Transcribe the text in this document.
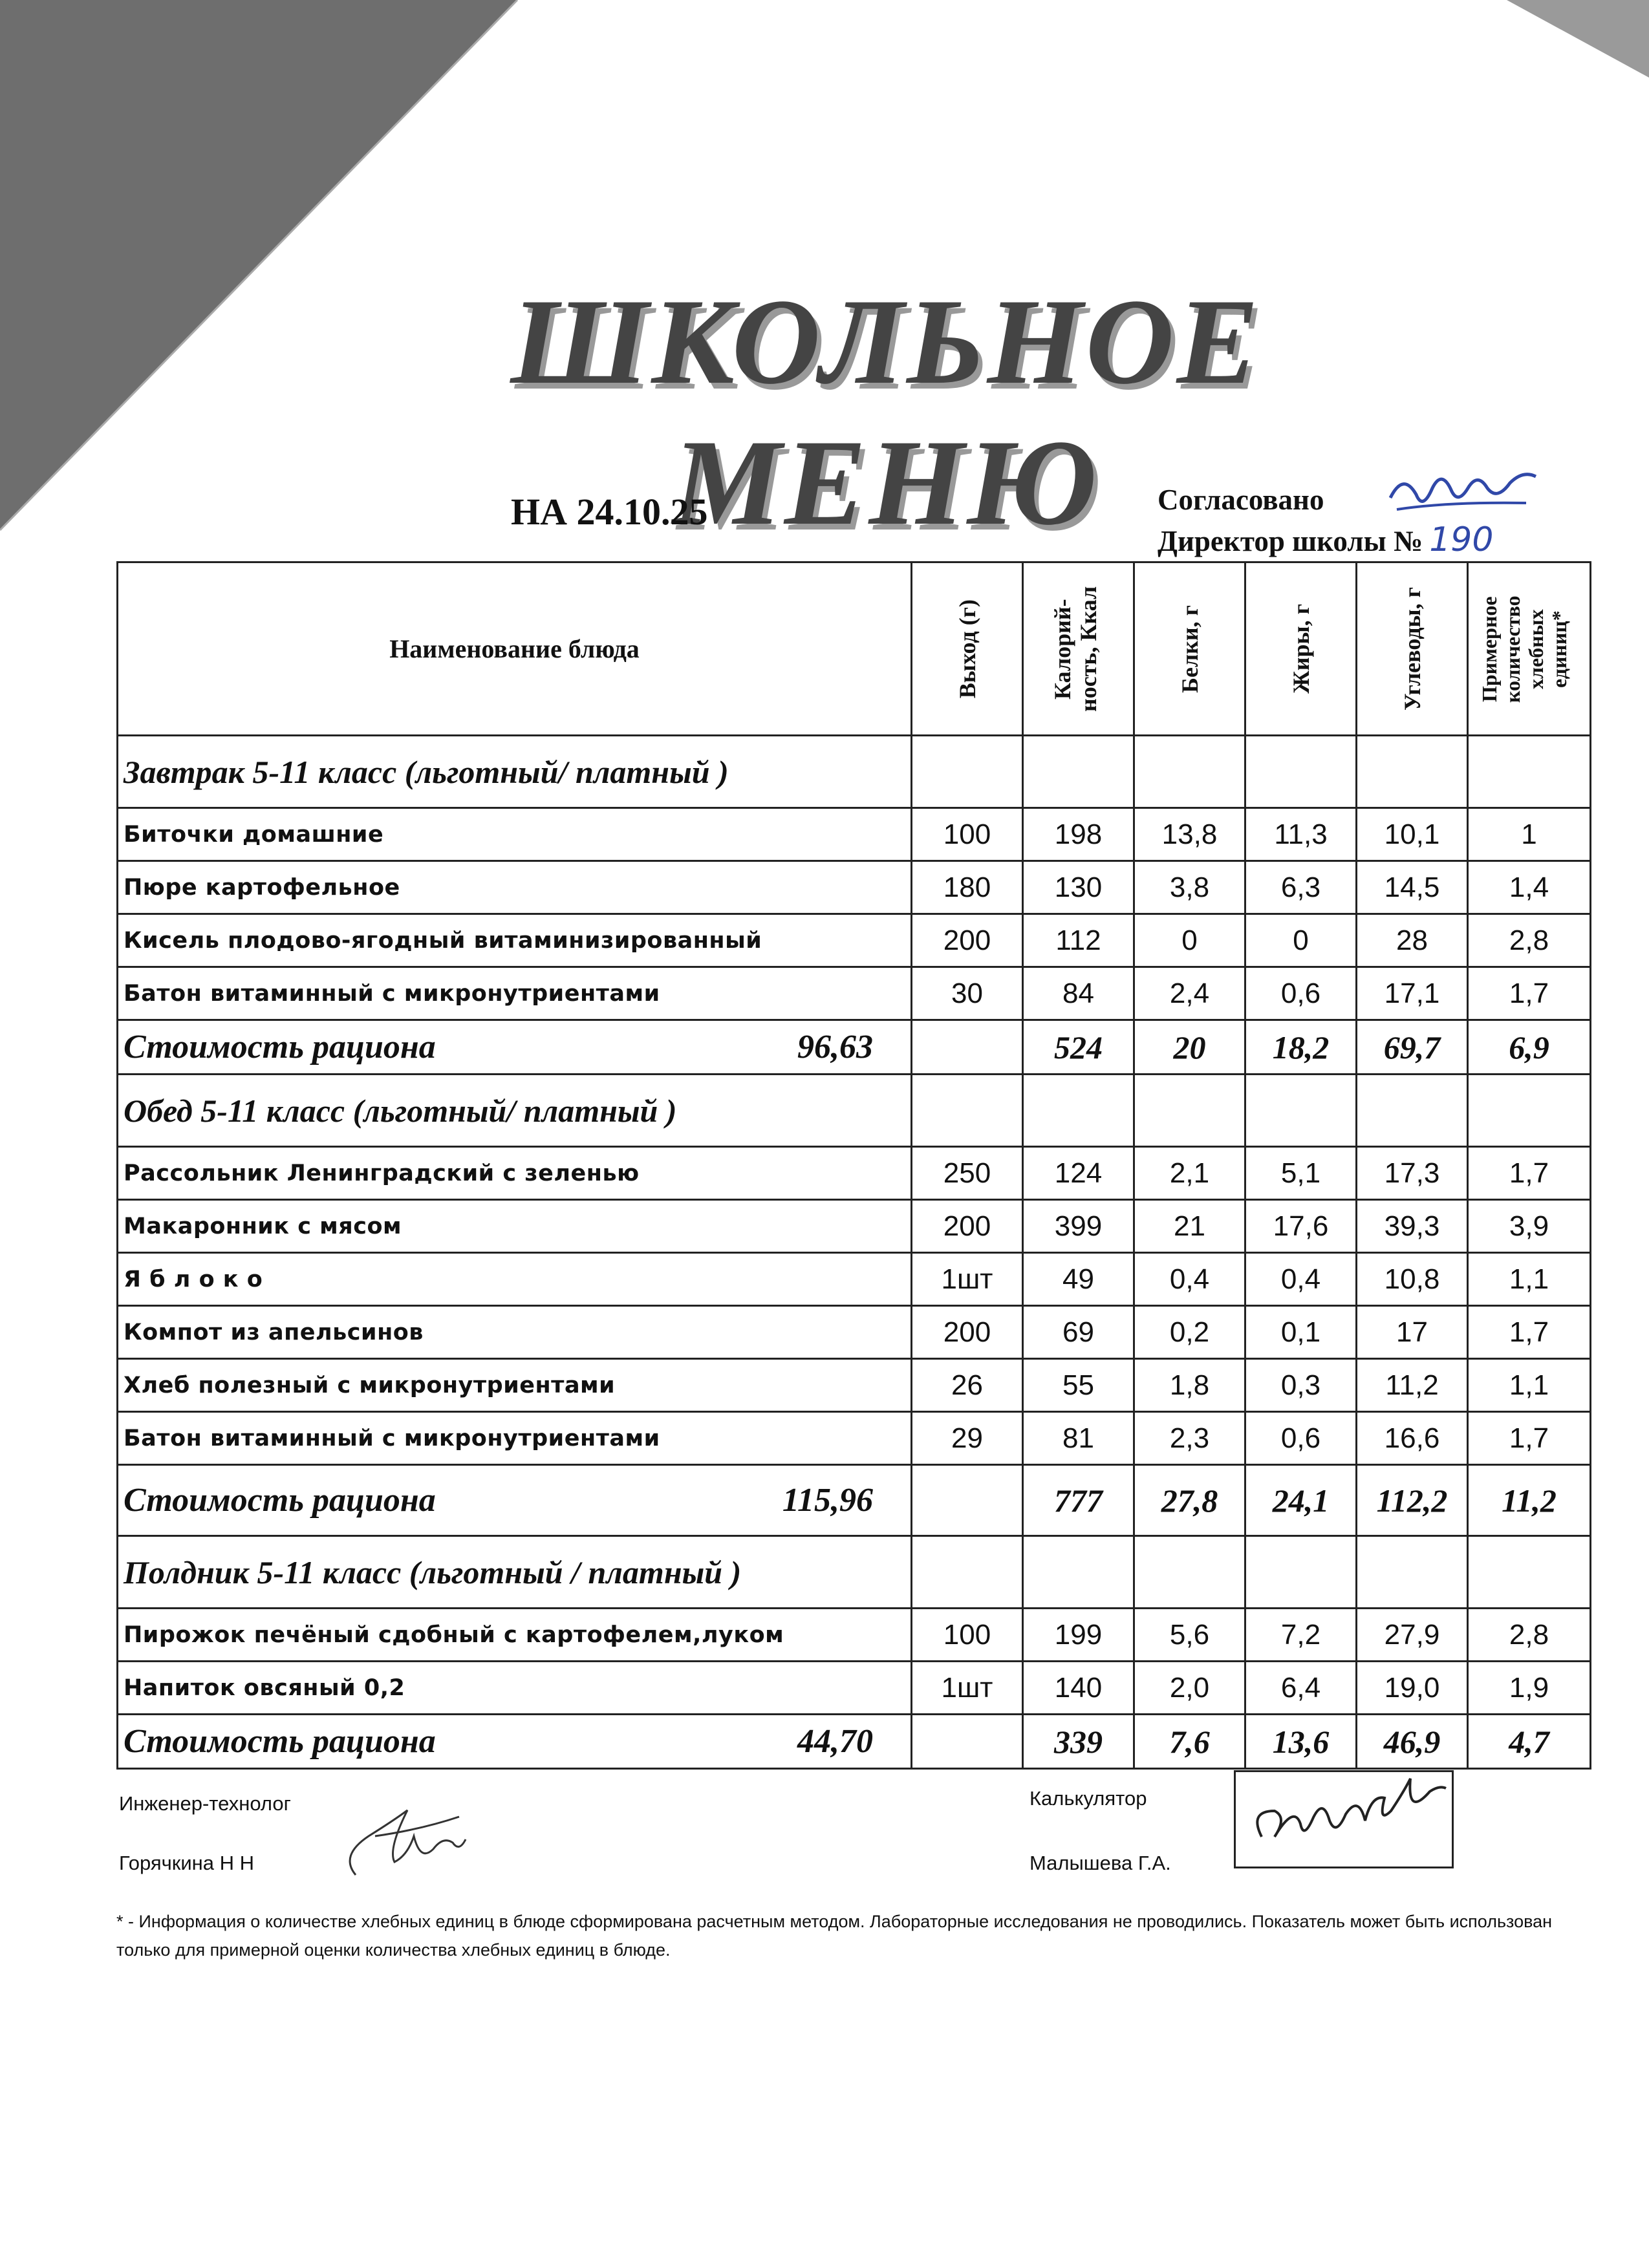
ШКОЛЬНОЕ МЕНЮ
НА 24.10.25	Согласовано
Директор школы № 190
Наименование блюда	Выход (г)	Калорий-ность, Ккал	Белки, г	Жиры, г	Углеводы, г	Примерное количество хлебных единиц*

Завтрак 5-11 класс (льготный/ платный )						
Биточки домашние	100	198	13,8	11,3	10,1	1
Пюре картофельное	180	130	3,8	6,3	14,5	1,4
Кисель плодово-ягодный витаминизированный	200	112	0	0	28	2,8
Батон витаминный с микронутриентами	30	84	2,4	0,6	17,1	1,7
Стоимость рациона 96,63		524	20	18,2	69,7	6,9
Обед 5-11 класс (льготный/ платный )						
Рассольник Ленинградский с зеленью	250	124	2,1	5,1	17,3	1,7
Макаронник с мясом	200	399	21	17,6	39,3	3,9
Я б л о к о	1шт	49	0,4	0,4	10,8	1,1
Компот из апельсинов	200	69	0,2	0,1	17	1,7
Хлеб полезный с микронутриентами	26	55	1,8	0,3	11,2	1,1
Батон витаминный с микронутриентами	29	81	2,3	0,6	16,6	1,7
Стоимость рациона 115,96		777	27,8	24,1	112,2	11,2
Полдник 5-11 класс (льготный / платный )						
Пирожок печёный сдобный с картофелем,луком	100	199	5,6	7,2	27,9	2,8
Напиток овсяный 0,2	1шт	140	2,0	6,4	19,0	1,9
Стоимость рациона 44,70		339	7,6	13,6	46,9	4,7
Инженер-технолог
Горячкина Н Н
Калькулятор
Малышева Г.А.
* - Информация о количестве хлебных единиц в блюде сформирована расчетным методом. Лабораторные исследования не проводились. Показатель может быть использован только для примерной оценки количества хлебных единиц в блюде.
